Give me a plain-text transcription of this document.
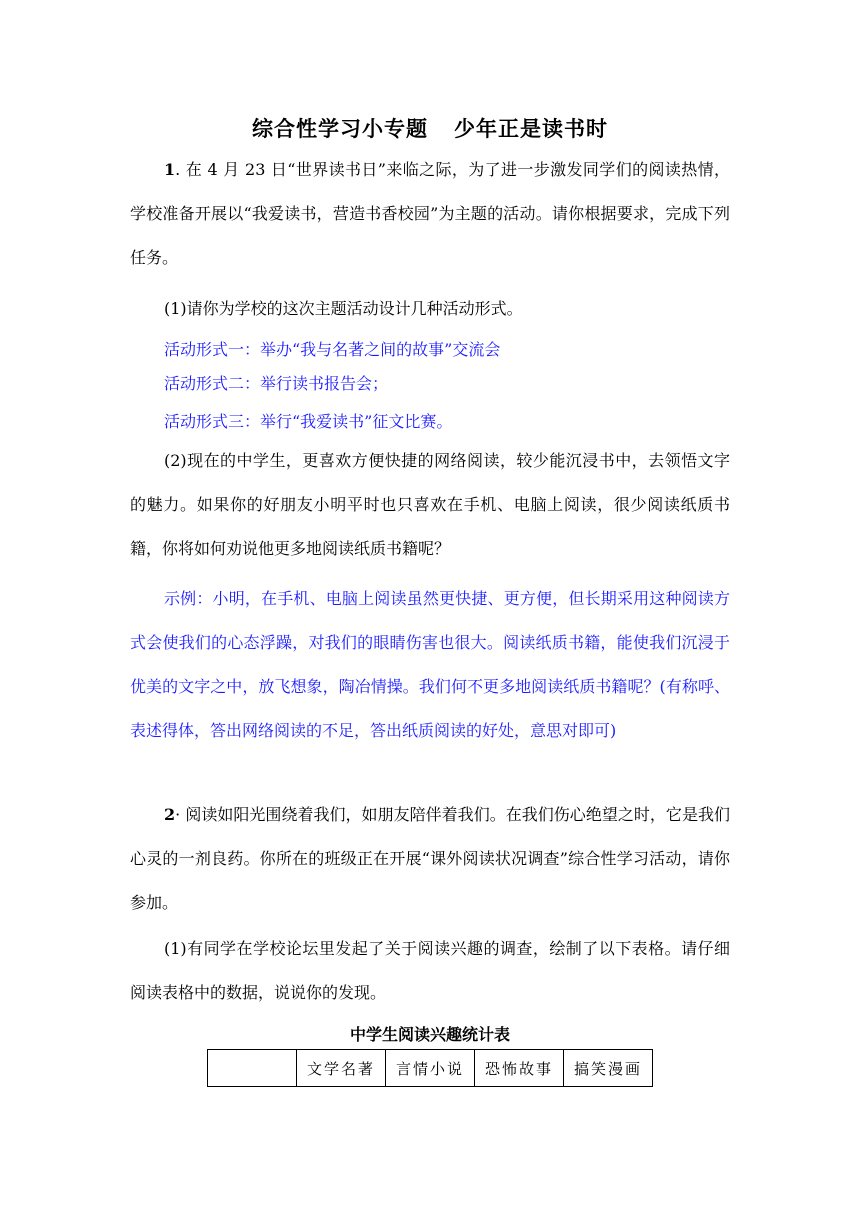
综合性学习小专题 少年正是读书时
1. 在 4 月 23 日“世界读书日”来临之际，为了进一步激发同学们的阅读热情，学校准备开展以“我爱读书，营造书香校园”为主题的活动。请你根据要求，完成下列任务。
(1)请你为学校的这次主题活动设计几种活动形式。
活动形式一：举办“我与名著之间的故事”交流会
活动形式二：举行读书报告会；
活动形式三：举行“我爱读书”征文比赛。
(2)现在的中学生，更喜欢方便快捷的网络阅读，较少能沉浸书中，去领悟文字的魅力。如果你的好朋友小明平时也只喜欢在手机、电脑上阅读，很少阅读纸质书籍，你将如何劝说他更多地阅读纸质书籍呢？
示例：小明，在手机、电脑上阅读虽然更快捷、更方便，但长期采用这种阅读方式会使我们的心态浮躁，对我们的眼睛伤害也很大。阅读纸质书籍，能使我们沉浸于优美的文字之中，放飞想象，陶冶情操。我们何不更多地阅读纸质书籍呢？(有称呼、表述得体，答出网络阅读的不足，答出纸质阅读的好处，意思对即可)
2· 阅读如阳光围绕着我们，如朋友陪伴着我们。在我们伤心绝望之时，它是我们心灵的一剂良药。你所在的班级正在开展“课外阅读状况调查”综合性学习活动，请你参加。
(1)有同学在学校论坛里发起了关于阅读兴趣的调查，绘制了以下表格。请仔细阅读表格中的数据，说说你的发现。
中学生阅读兴趣统计表
	文学名著	言情小说	恐怖故事	搞笑漫画
